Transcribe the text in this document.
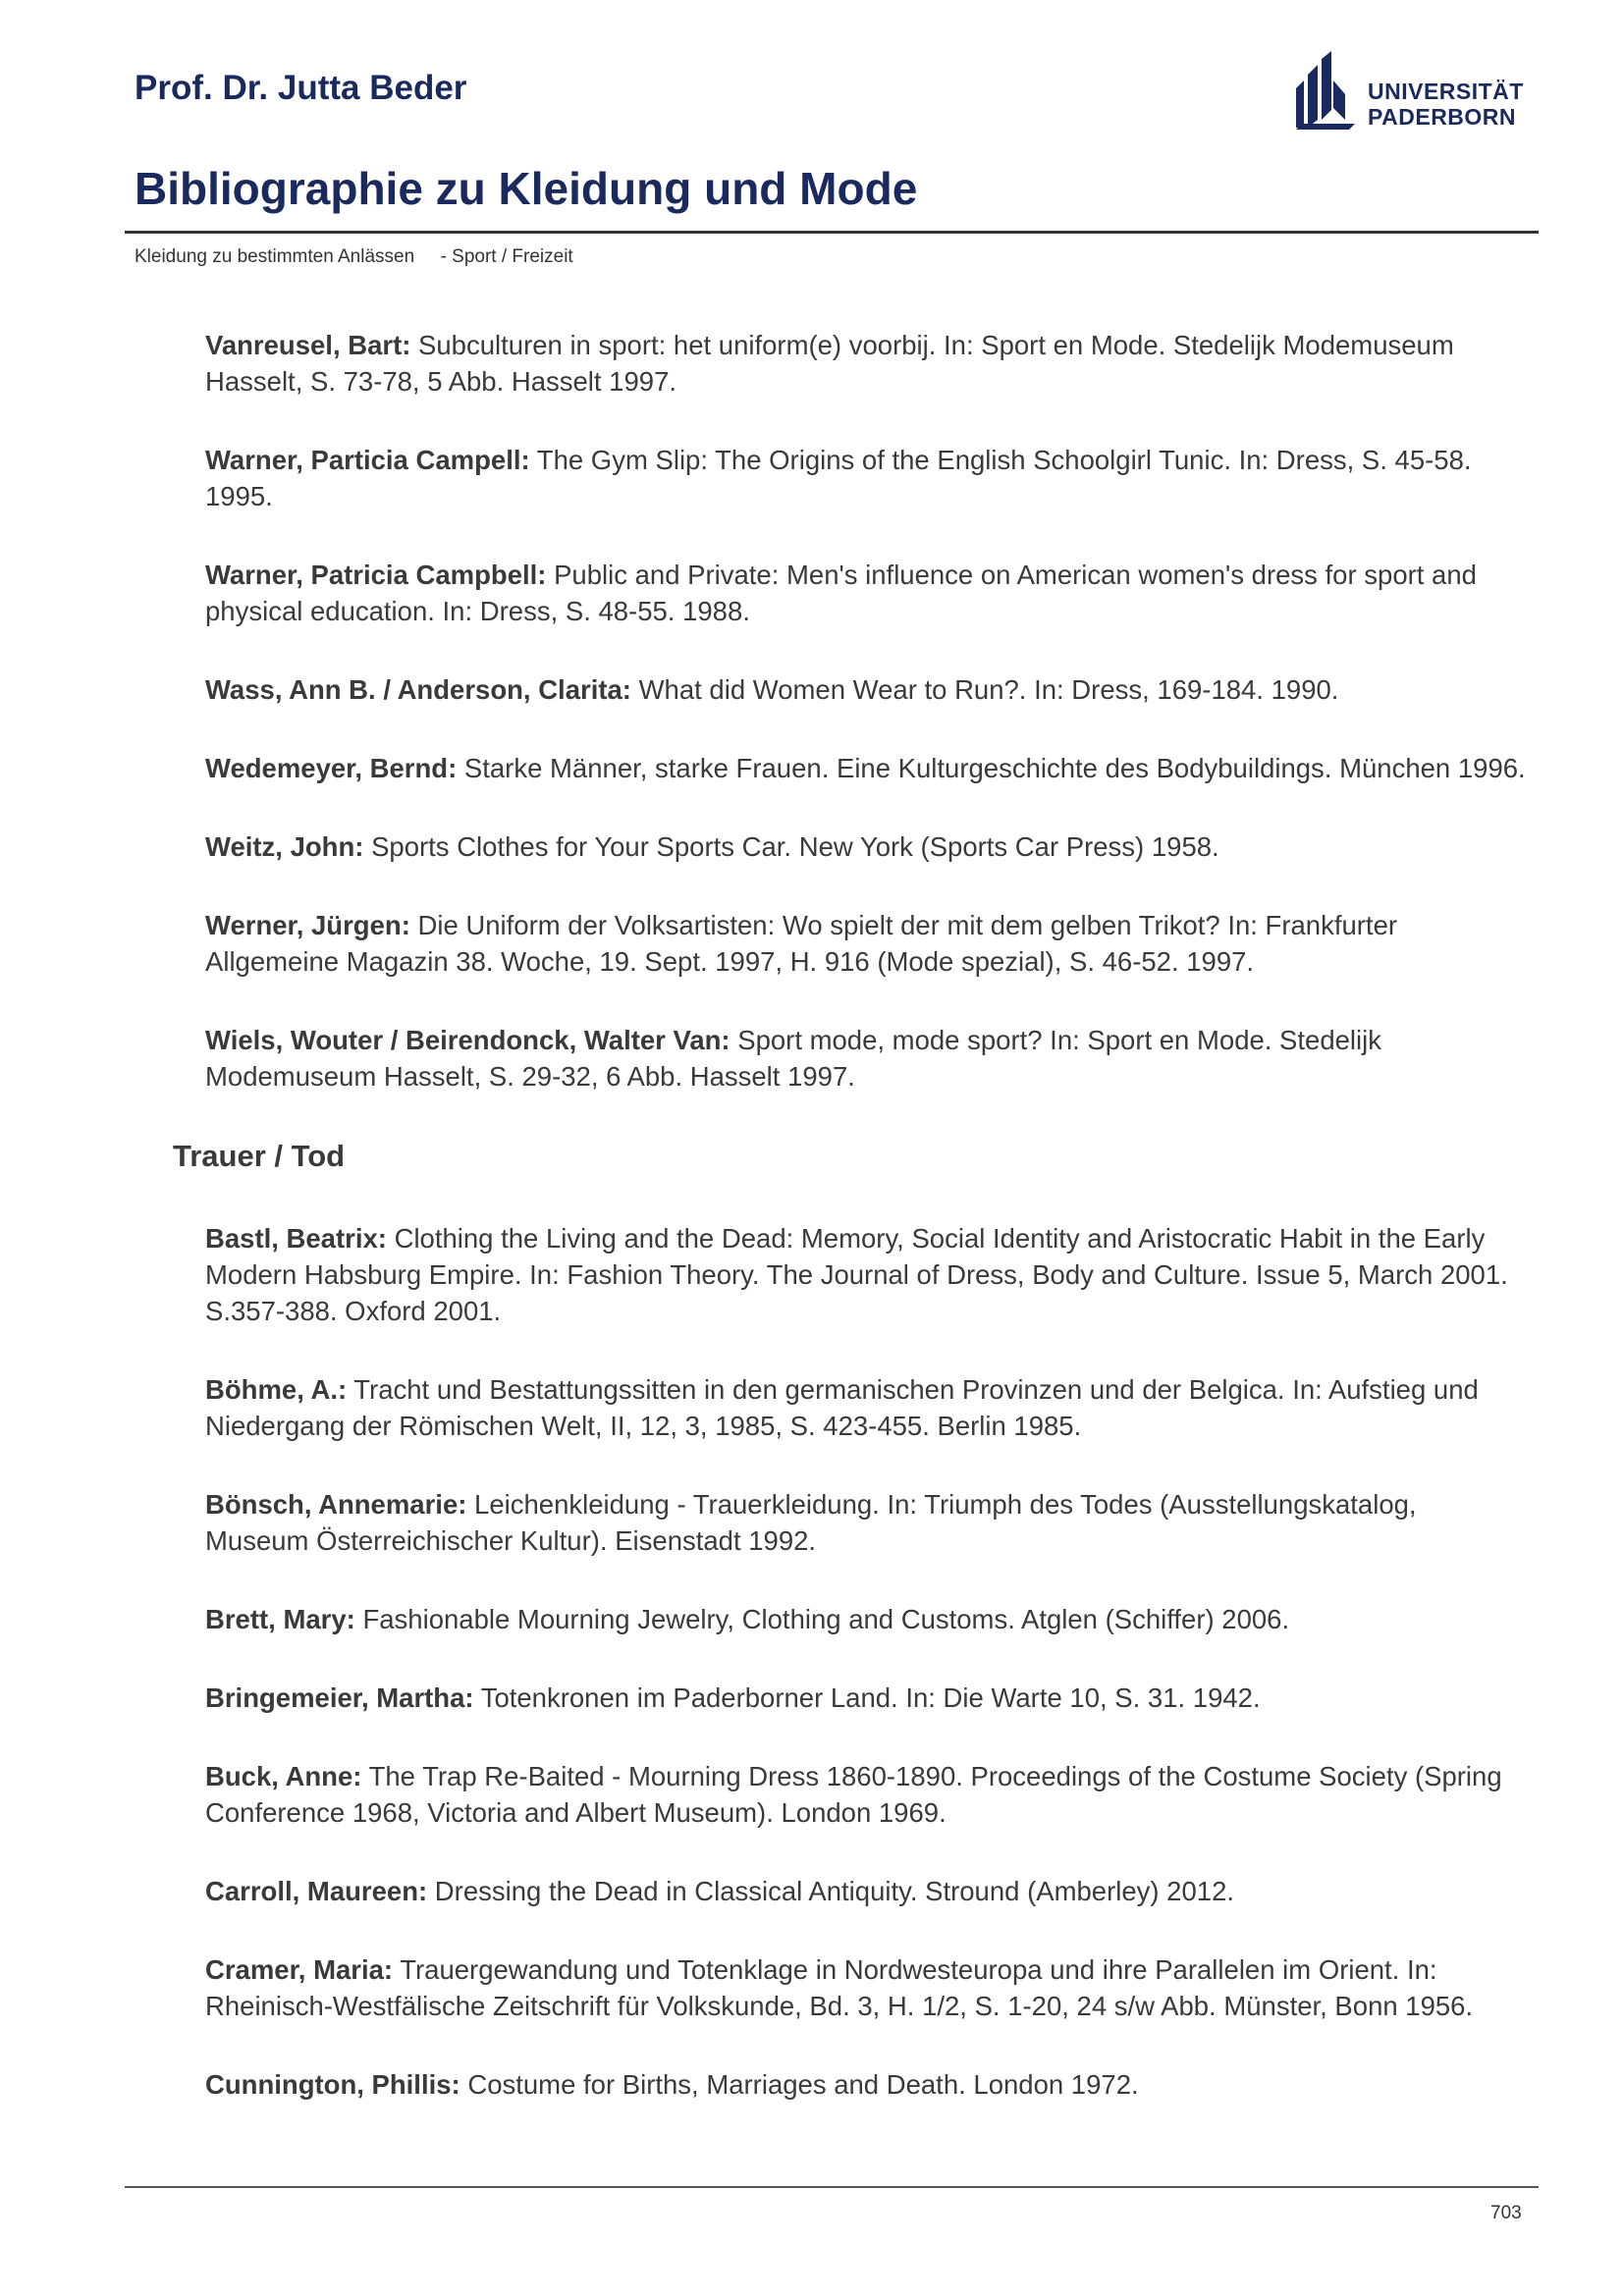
Prof. Dr. Jutta Beder	UNIVERSITÄT
PADERBORN
Bibliographie zu Kleidung und Mode
Kleidung zu bestimmten Anlässen     - Sport / Freizeit
Vanreusel, Bart: Subculturen in sport: het uniform(e) voorbij. In: Sport en Mode. Stedelijk Modemuseum Hasselt, S. 73-78, 5 Abb. Hasselt 1997.
Warner, Particia Campell: The Gym Slip: The Origins of the English Schoolgirl Tunic. In: Dress, S. 45-58. 1995.
Warner, Patricia Campbell: Public and Private: Men's influence on American women's dress for sport and physical education. In: Dress, S. 48-55. 1988.
Wass, Ann B. / Anderson, Clarita: What did Women Wear to Run?. In: Dress, 169-184. 1990.
Wedemeyer, Bernd: Starke Männer, starke Frauen. Eine Kulturgeschichte des Bodybuildings. München 1996.
Weitz, John: Sports Clothes for Your Sports Car. New York (Sports Car Press) 1958.
Werner, Jürgen: Die Uniform der Volksartisten: Wo spielt der mit dem gelben Trikot? In: Frankfurter Allgemeine Magazin 38. Woche, 19. Sept. 1997, H. 916 (Mode spezial), S. 46-52. 1997.
Wiels, Wouter / Beirendonck, Walter Van: Sport mode, mode sport? In: Sport en Mode. Stedelijk Modemuseum Hasselt, S. 29-32, 6 Abb. Hasselt 1997.
Trauer / Tod
Bastl, Beatrix: Clothing the Living and the Dead: Memory, Social Identity and Aristocratic Habit in the Early Modern Habsburg Empire. In: Fashion Theory. The Journal of Dress, Body and Culture. Issue 5, March 2001. S.357-388. Oxford 2001.
Böhme, A.: Tracht und Bestattungssitten in den germanischen Provinzen und der Belgica. In: Aufstieg und Niedergang der Römischen Welt, II, 12, 3, 1985, S. 423-455. Berlin 1985.
Bönsch, Annemarie: Leichenkleidung - Trauerkleidung. In: Triumph des Todes (Ausstellungskatalog, Museum Österreichischer Kultur). Eisenstadt 1992.
Brett, Mary: Fashionable Mourning Jewelry, Clothing and Customs. Atglen (Schiffer) 2006.
Bringemeier, Martha: Totenkronen im Paderborner Land. In: Die Warte 10, S. 31. 1942.
Buck, Anne: The Trap Re-Baited - Mourning Dress 1860-1890. Proceedings of the Costume Society (Spring Conference 1968, Victoria and Albert Museum). London 1969.
Carroll, Maureen: Dressing the Dead in Classical Antiquity. Stround (Amberley) 2012.
Cramer, Maria: Trauergewandung und Totenklage in Nordwesteuropa und ihre Parallelen im Orient. In: Rheinisch-Westfälische Zeitschrift für Volkskunde, Bd. 3, H. 1/2, S. 1-20, 24 s/w Abb. Münster, Bonn 1956.
Cunnington, Phillis: Costume for Births, Marriages and Death. London 1972.
703
